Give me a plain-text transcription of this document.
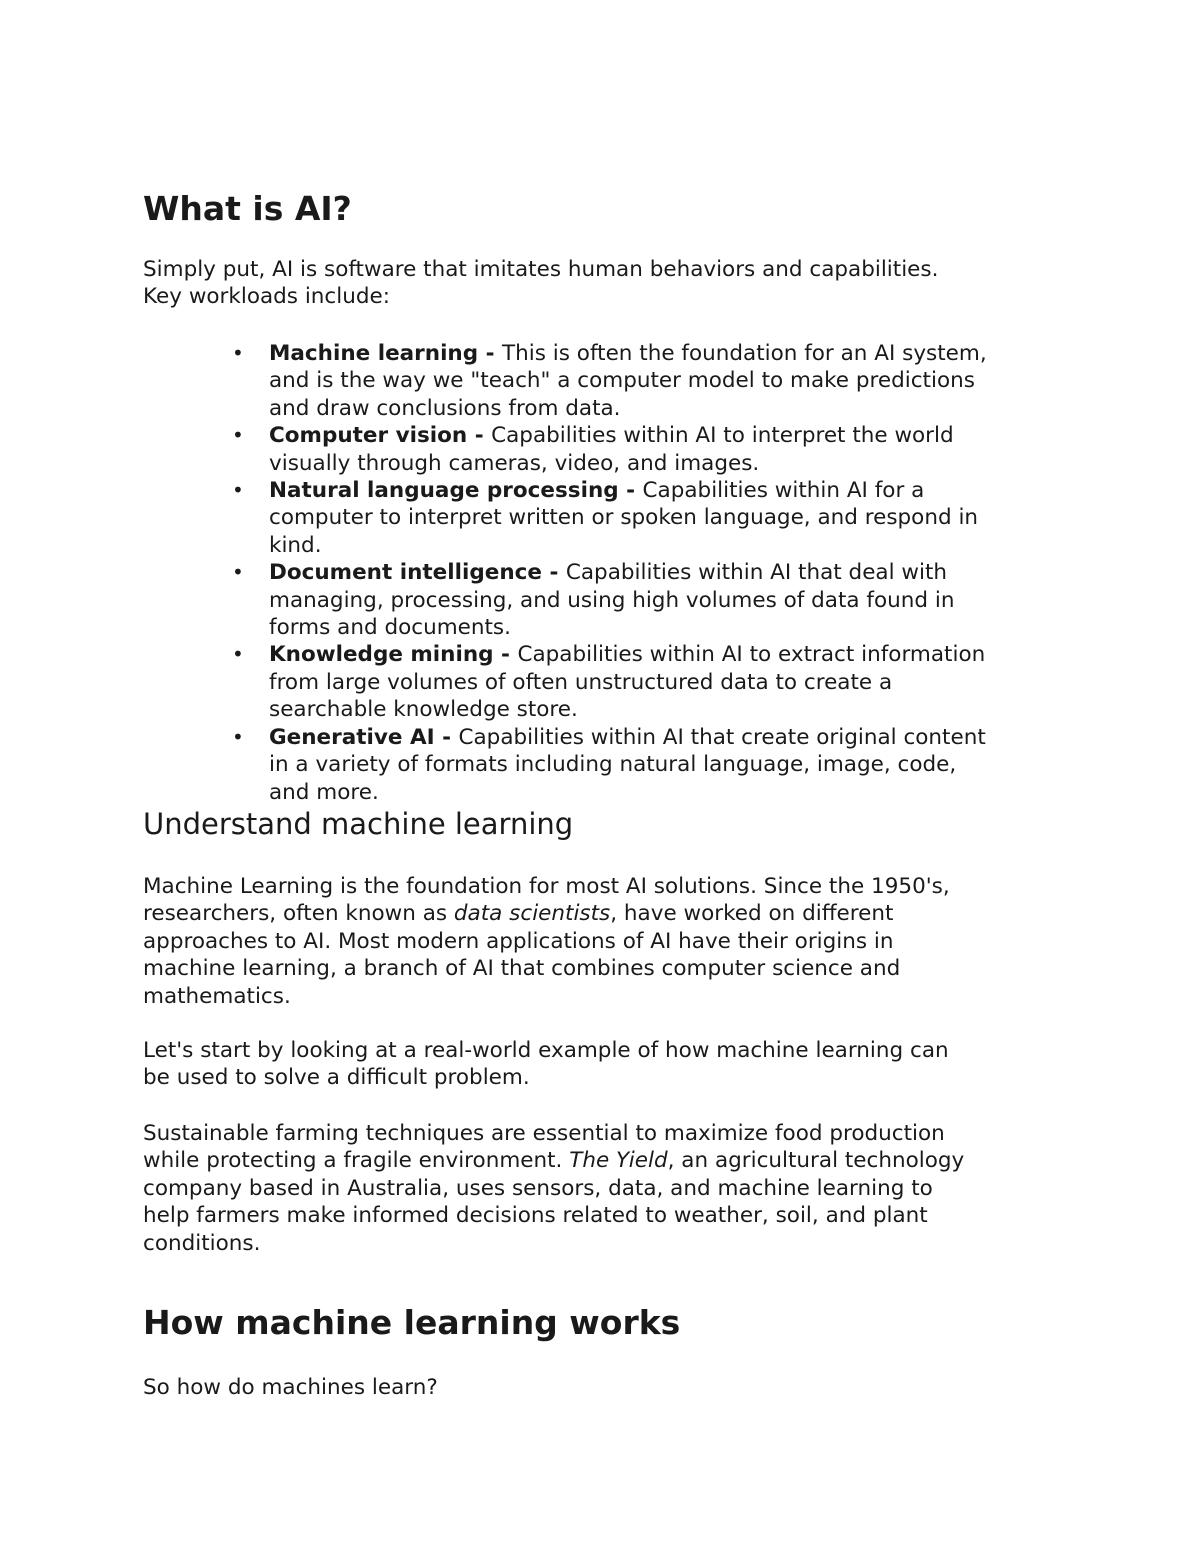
What is AI?

Simply put, AI is software that imitates human behaviors and capabilities.
Key workloads include:

• Machine learning - This is often the foundation for an AI system,
and is the way we "teach" a computer model to make predictions
and draw conclusions from data.
• Computer vision - Capabilities within AI to interpret the world
visually through cameras, video, and images.
• Natural language processing - Capabilities within AI for a
computer to interpret written or spoken language, and respond in
kind.
• Document intelligence - Capabilities within AI that deal with
managing, processing, and using high volumes of data found in
forms and documents.
• Knowledge mining - Capabilities within AI to extract information
from large volumes of often unstructured data to create a
searchable knowledge store.
• Generative AI - Capabilities within AI that create original content
in a variety of formats including natural language, image, code,
and more.
Understand machine learning

Machine Learning is the foundation for most AI solutions. Since the 1950's,
researchers, often known as data scientists, have worked on different
approaches to AI. Most modern applications of AI have their origins in
machine learning, a branch of AI that combines computer science and
mathematics.

Let's start by looking at a real-world example of how machine learning can
be used to solve a difficult problem.

Sustainable farming techniques are essential to maximize food production
while protecting a fragile environment. The Yield, an agricultural technology
company based in Australia, uses sensors, data, and machine learning to
help farmers make informed decisions related to weather, soil, and plant
conditions.

How machine learning works

So how do machines learn?
